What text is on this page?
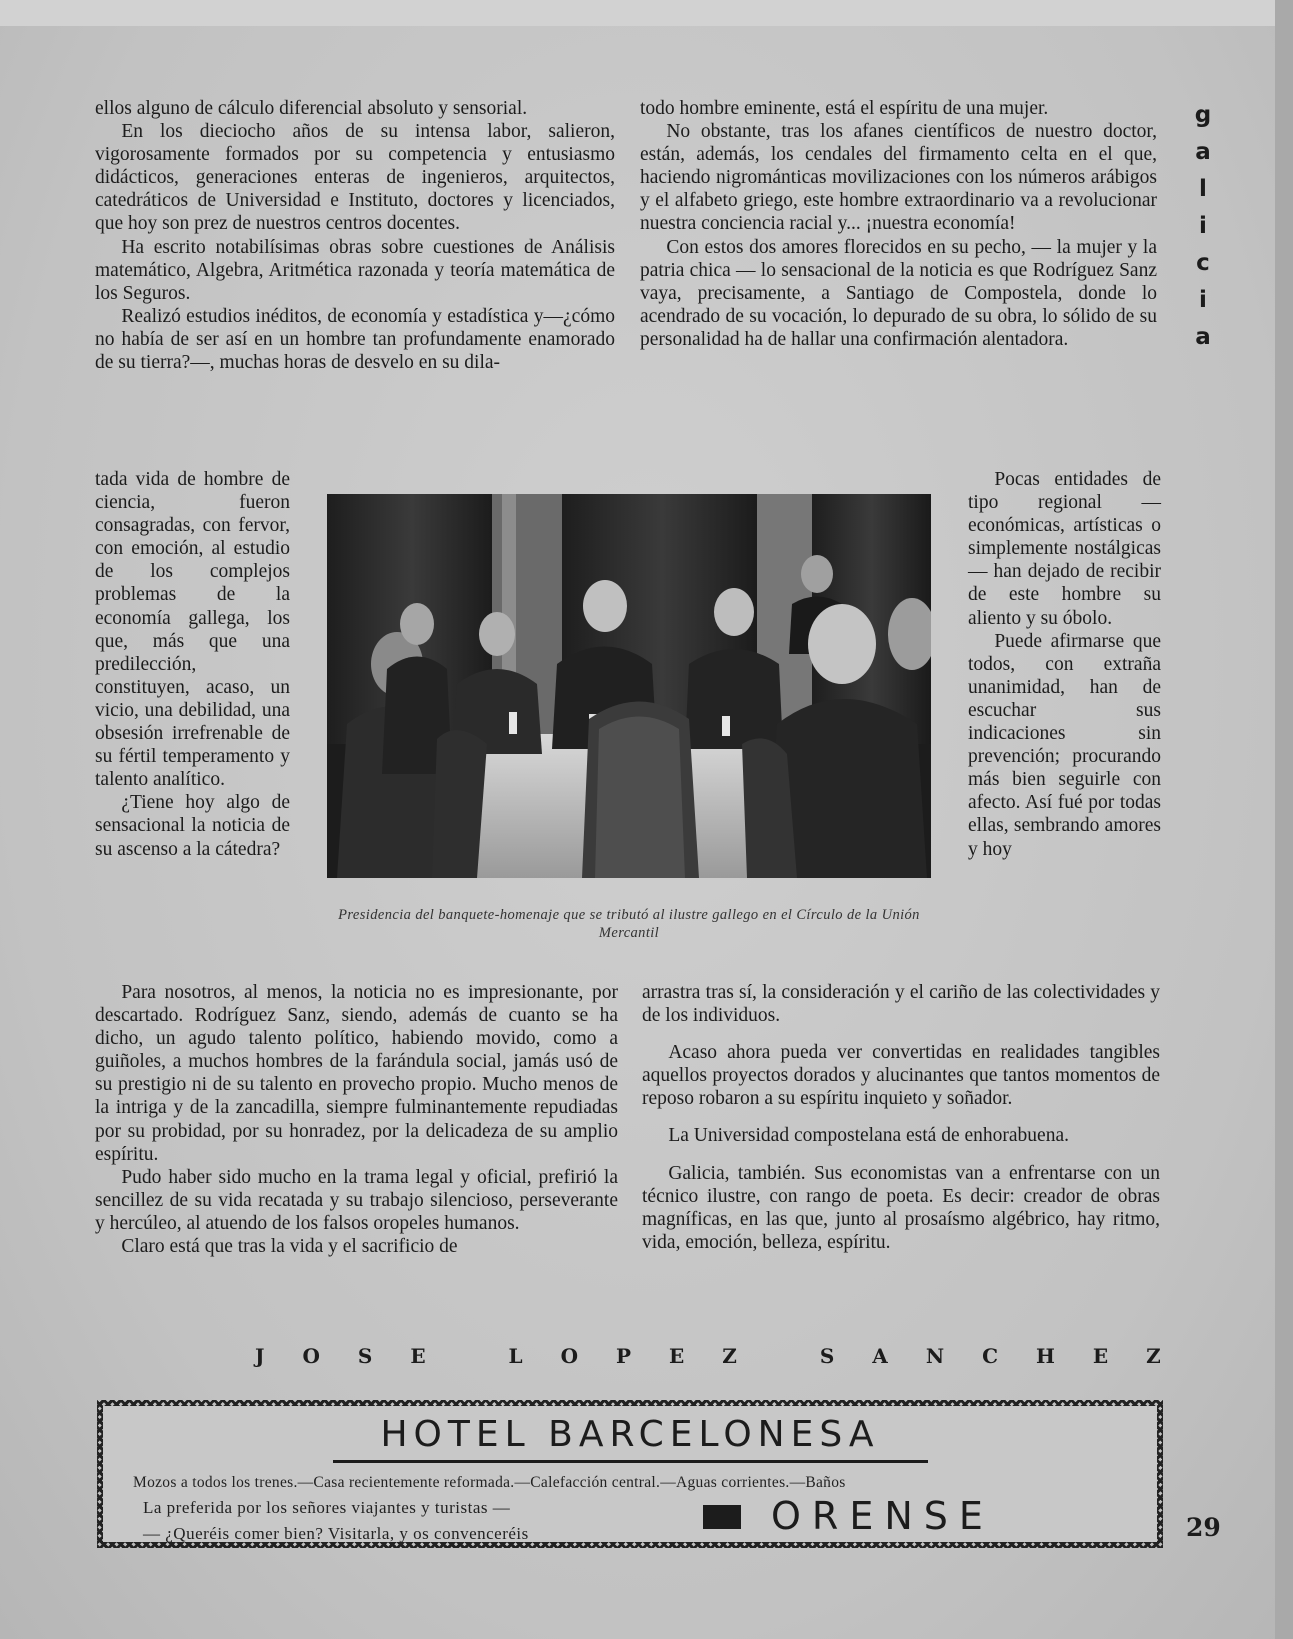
g
a
l
i
c
i
a

ellos alguno de cálculo diferencial absoluto y sensorial.

En los dieciocho años de su intensa labor, salieron, vigorosamente formados por su competencia y entusiasmo didácticos, generaciones enteras de ingenieros, arquitectos, catedráticos de Universidad e Instituto, doctores y licenciados, que hoy son prez de nuestros centros docentes.

Ha escrito notabilísimas obras sobre cuestiones de Análisis matemático, Algebra, Aritmética razonada y teoría matemática de los Seguros.

Realizó estudios inéditos, de economía y estadística y—¿cómo no había de ser así en un hombre tan profundamente enamorado de su tierra?—, muchas horas de desvelo en su dila-

todo hombre eminente, está el espíritu de una mujer.

No obstante, tras los afanes científicos de nuestro doctor, están, además, los cendales del firmamento celta en el que, haciendo nigrománticas movilizaciones con los números arábigos y el alfabeto griego, este hombre extraordinario va a revolucionar nuestra conciencia racial y... ¡nuestra economía!

Con estos dos amores florecidos en su pecho, — la mujer y la patria chica — lo sensacional de la noticia es que Rodríguez Sanz vaya, precisamente, a Santiago de Compostela, donde lo acendrado de su vocación, lo depurado de su obra, lo sólido de su personalidad ha de hallar una confirmación alentadora.

tada vida de hombre de ciencia, fueron consagradas, con fervor, con emoción, al estudio de los complejos problemas de la economía gallega, los que, más que una predilección, constituyen, acaso, un vicio, una debilidad, una obsesión irrefrenable de su fértil temperamento y talento analítico.

¿Tiene hoy algo de sensacional la noticia de su ascenso a la cátedra?

Presidencia del banquete-homenaje que se tributó al ilustre gallego en el Círculo de la Unión Mercantil

Pocas entidades de tipo regional — económicas, artísticas o simplemente nostálgicas — han dejado de recibir de este hombre su aliento y su óbolo.

Puede afirmarse que todos, con extraña unanimidad, han de escuchar sus indicaciones sin prevención; procurando más bien seguirle con afecto. Así fué por todas ellas, sembrando amores y hoy

Para nosotros, al menos, la noticia no es impresionante, por descartado. Rodríguez Sanz, siendo, además de cuanto se ha dicho, un agudo talento político, habiendo movido, como a guiñoles, a muchos hombres de la farándula social, jamás usó de su prestigio ni de su talento en provecho propio. Mucho menos de la intriga y de la zancadilla, siempre fulminantemente repudiadas por su probidad, por su honradez, por la delicadeza de su amplio espíritu.

Pudo haber sido mucho en la trama legal y oficial, prefirió la sencillez de su vida recatada y su trabajo silencioso, perseverante y hercúleo, al atuendo de los falsos oropeles humanos.

Claro está que tras la vida y el sacrificio de

arrastra tras sí, la consideración y el cariño de las colectividades y de los individuos.

Acaso ahora pueda ver convertidas en realidades tangibles aquellos proyectos dorados y alucinantes que tantos momentos de reposo robaron a su espíritu inquieto y soñador.

La Universidad compostelana está de enhorabuena.

Galicia, también. Sus economistas van a enfrentarse con un técnico ilustre, con rango de poeta. Es decir: creador de obras magníficas, en las que, junto al prosaísmo algébrico, hay ritmo, vida, emoción, belleza, espíritu.

JOSE LOPEZ SANCHEZ
HOTEL BARCELONESA
Mozos a todos los trenes.—Casa recientemente reformada.—Calefacción central.—Aguas corrientes.—Baños
La preferida por los señores viajantes y turistas —
— ¿Queréis comer bien? Visitarla, y os convenceréis	ORENSE	29
